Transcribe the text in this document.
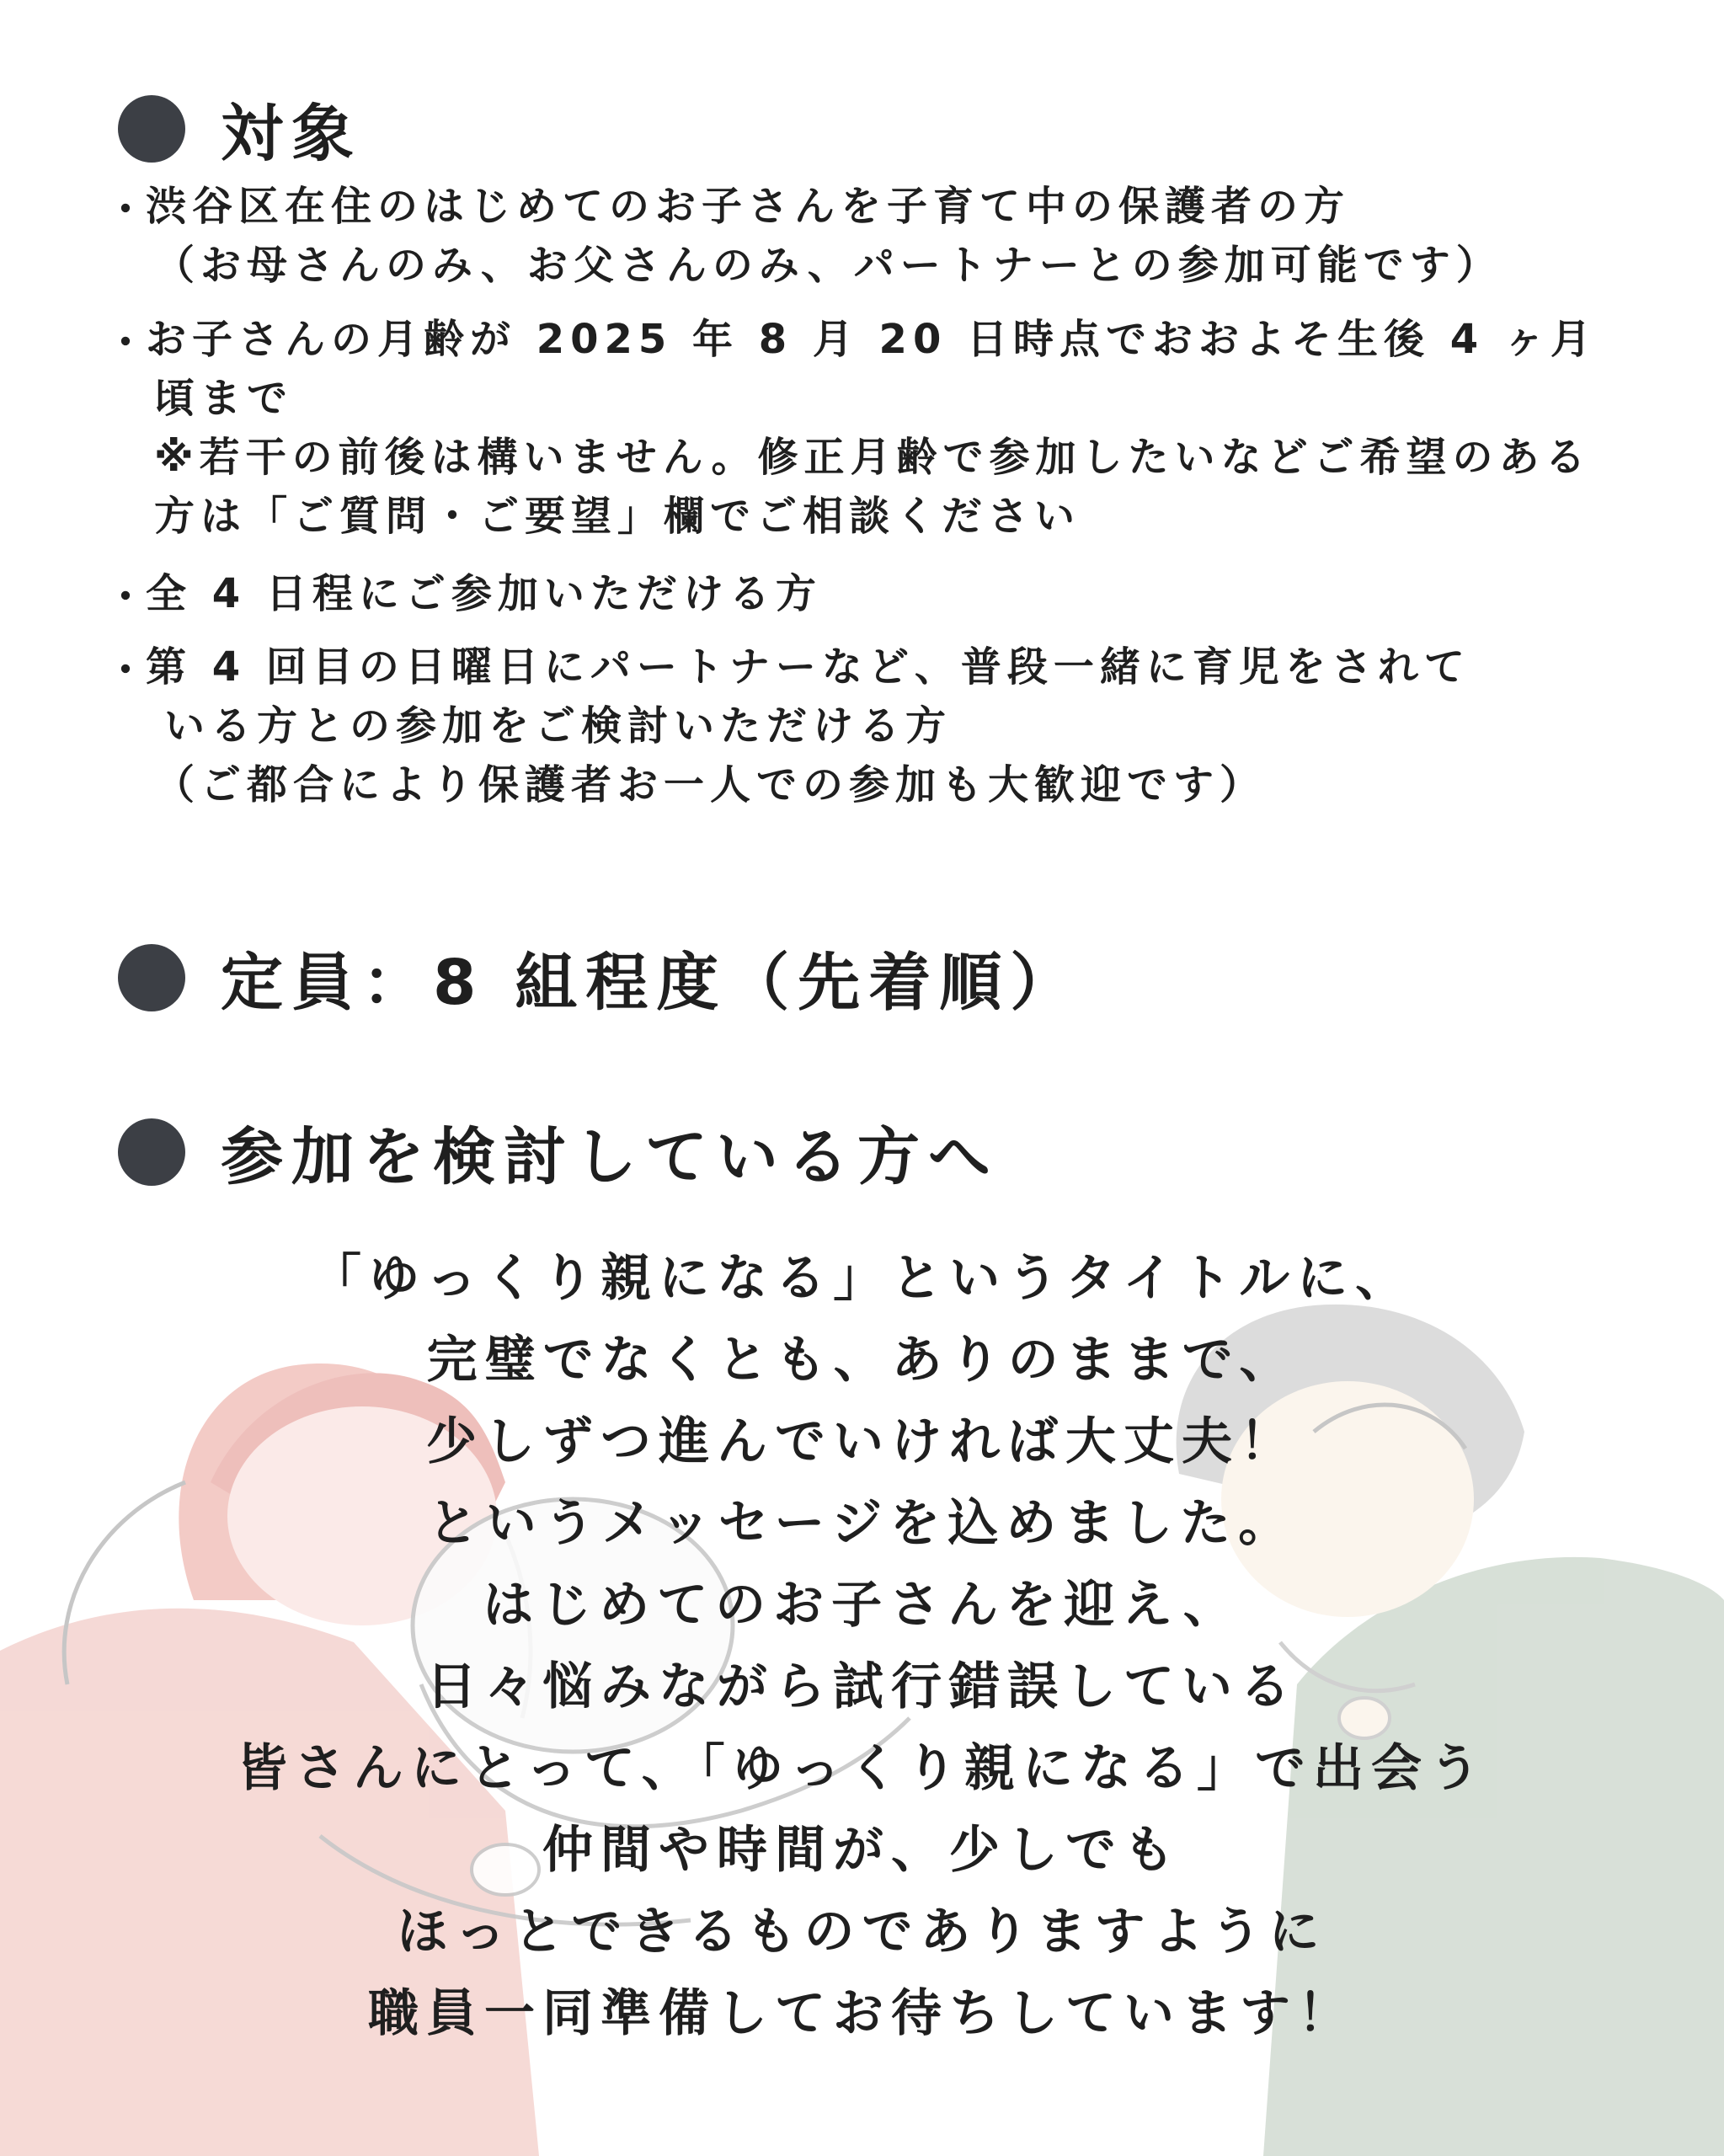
対象
・
渋谷区在住のはじめてのお子さんを子育て中の保護者の方
（お母さんのみ、お父さんのみ、パートナーとの参加可能です）
・
お子さんの月齢が 2025 年 8 月 20 日時点でおおよそ生後 4 ヶ月
頃まで
※若干の前後は構いません。修正月齢で参加したいなどご希望のある
方は「ご質問・ご要望」欄でご相談ください
・
全 4 日程にご参加いただける方
・
第 4 回目の日曜日にパートナーなど、普段一緒に育児をされて
いる方との参加をご検討いただける方
（ご都合により保護者お一人での参加も大歓迎です）
定員：8 組程度（先着順）
参加を検討している方へ
「ゆっくり親になる」というタイトルに、
完璧でなくとも、ありのままで、
少しずつ進んでいければ大丈夫！
というメッセージを込めました。
はじめてのお子さんを迎え、
日々悩みながら試行錯誤している
皆さんにとって、「ゆっくり親になる」で出会う
仲間や時間が、少しでも
ほっとできるものでありますように
職員一同準備してお待ちしています！
